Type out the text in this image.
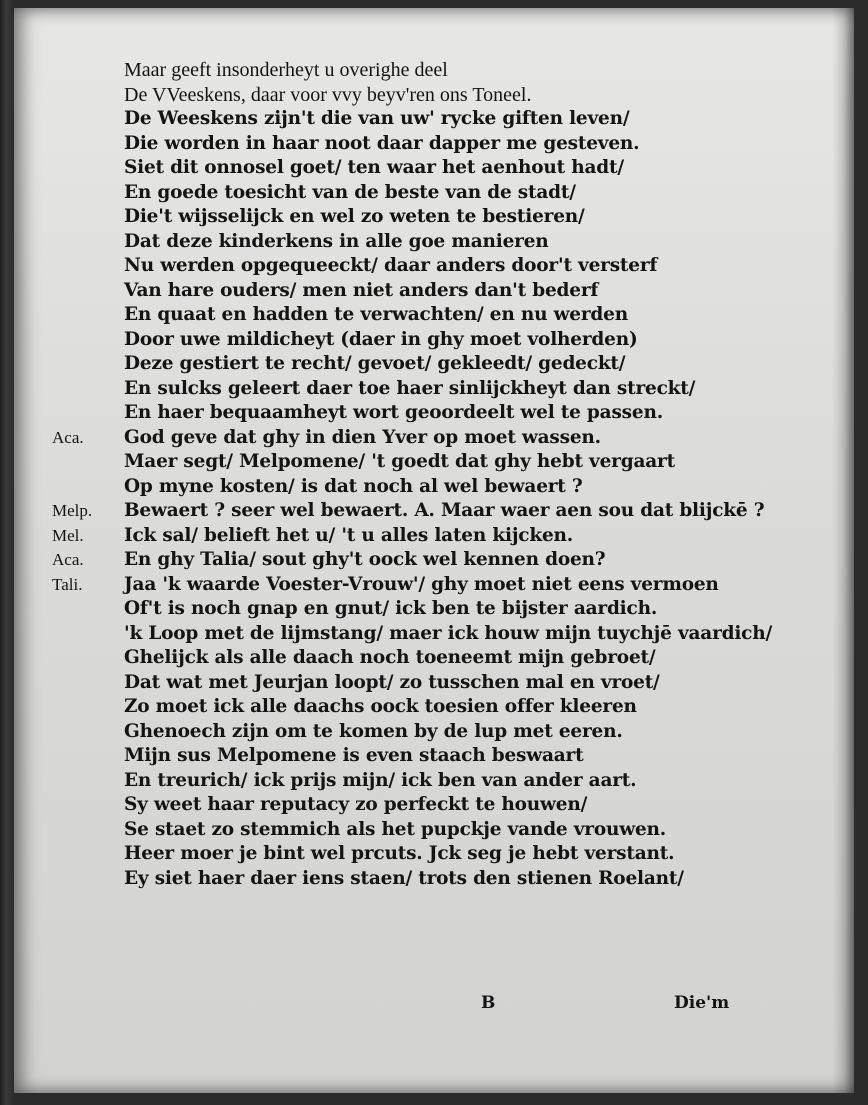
Maar geeft insonderheyt u overighe deel
De VVeeskens, daar voor vvy beyv'ren ons Toneel.
De Weeskens zijn't die van uw' rycke giften leven/
Die worden in haar noot daar dapper me gesteven.
Siet dit onnosel goet/ ten waar het aenhout hadt/
En goede toesicht van de beste van de stadt/
Die't wijsselijck en wel zo weten te bestieren/
Dat deze kinderkens in alle goe manieren
Nu werden opgequeeckt/ daar anders door't versterf
Van hare ouders/ men niet anders dan't bederf
En quaat en hadden te verwachten/ en nu werden
Door uwe mildicheyt (daer in ghy moet volherden)
Deze gestiert te recht/ gevoet/ gekleedt/ gedeckt/
En sulcks geleert daer toe haer sinlijckheyt dan streckt/
En haer bequaamheyt wort geoordeelt wel te passen.
God geve dat ghy in dien Yver op moet wassen.
Maer segt/ Melpomene/ 't goedt dat ghy hebt vergaart
Op myne kosten/ is dat noch al wel bewaert ?
Bewaert ? seer wel bewaert. A. Maar waer aen sou dat blijckē ?
Ick sal/ belieft het u/ 't u alles laten kijcken.
En ghy Talia/ sout ghy't oock wel kennen doen?
Jaa 'k waarde Voester-Vrouw'/ ghy moet niet eens vermoen
Of't is noch gnap en gnut/ ick ben te bijster aardich.
'k Loop met de lijmstang/ maer ick houw mijn tuychjē vaardich/
Ghelijck als alle daach noch toeneemt mijn gebroet/
Dat wat met Jeurjan loopt/ zo tusschen mal en vroet/
Zo moet ick alle daachs oock toesien offer kleeren
Ghenoech zijn om te komen by de lup met eeren.
Mijn sus Melpomene is even staach beswaart
En treurich/ ick prijs mijn/ ick ben van ander aart.
Sy weet haar reputacy zo perfeckt te houwen/
Se staet zo stemmich als het pupckje vande vrouwen.
Heer moer je bint wel prcuts. Jck seg je hebt verstant.
Ey siet haer daer iens staen/ trots den stienen Roelant/
Aca.
Melp.
Mel.
Aca.
Tali.
B	Die'm
